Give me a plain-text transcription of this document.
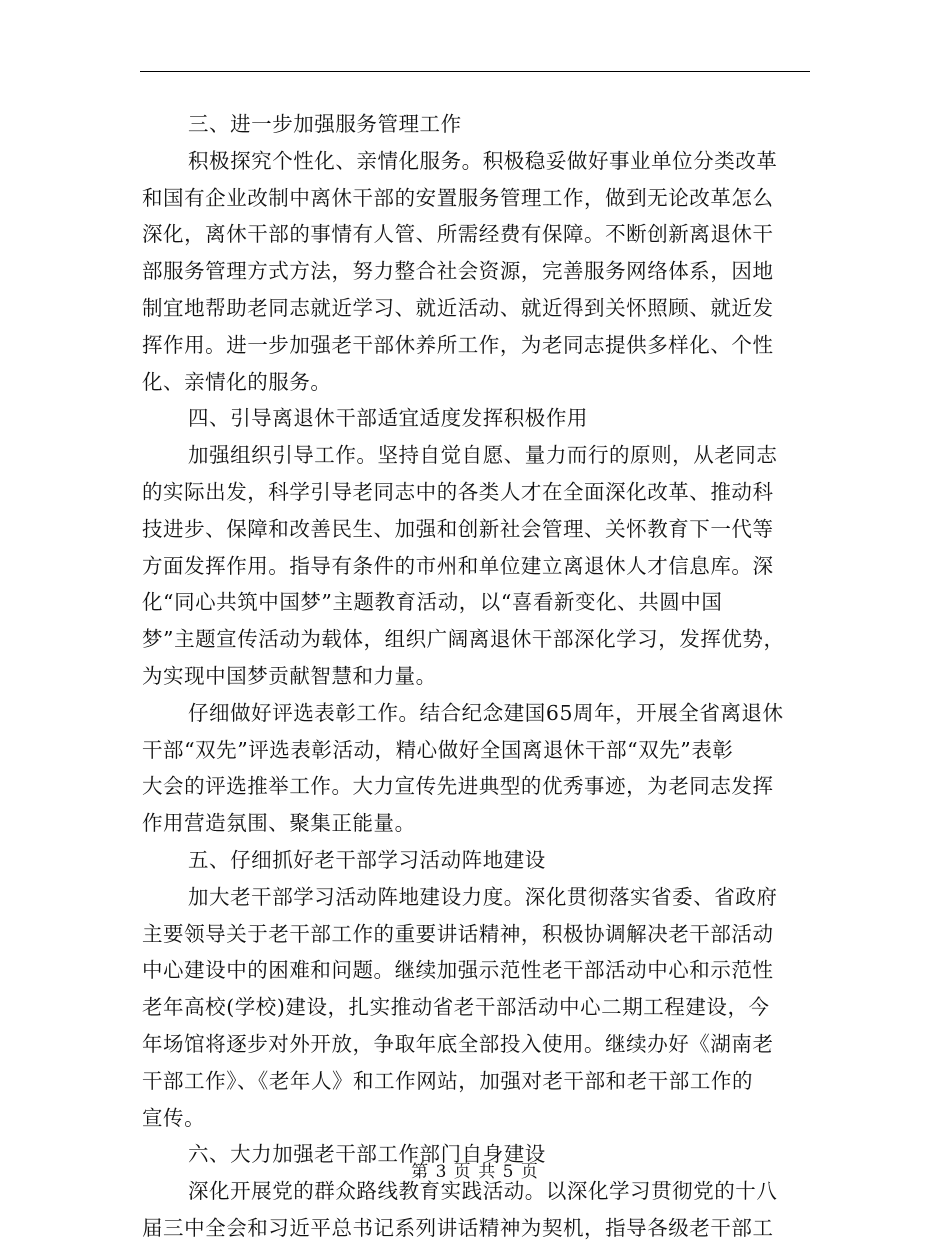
三、进一步加强服务管理工作
积极探究个性化、亲情化服务。积极稳妥做好事业单位分类改革
和国有企业改制中离休干部的安置服务管理工作，做到无论改革怎么
深化，离休干部的事情有人管、所需经费有保障。不断创新离退休干
部服务管理方式方法，努力整合社会资源，完善服务网络体系，因地
制宜地帮助老同志就近学习、就近活动、就近得到关怀照顾、就近发
挥作用。进一步加强老干部休养所工作，为老同志提供多样化、个性
化、亲情化的服务。
四、引导离退休干部适宜适度发挥积极作用
加强组织引导工作。坚持自觉自愿、量力而行的原则，从老同志
的实际出发，科学引导老同志中的各类人才在全面深化改革、推动科
技进步、保障和改善民生、加强和创新社会管理、关怀教育下一代等
方面发挥作用。指导有条件的市州和单位建立离退休人才信息库。深
化“同心共筑中国梦”主题教育活动，以“喜看新变化、共圆中国
梦”主题宣传活动为载体，组织广阔离退休干部深化学习，发挥优势，
为实现中国梦贡献智慧和力量。
仔细做好评选表彰工作。结合纪念建国65周年，开展全省离退休
干部“双先”评选表彰活动，精心做好全国离退休干部“双先”表彰
大会的评选推举工作。大力宣传先进典型的优秀事迹，为老同志发挥
作用营造氛围、聚集正能量。
五、仔细抓好老干部学习活动阵地建设
加大老干部学习活动阵地建设力度。深化贯彻落实省委、省政府
主要领导关于老干部工作的重要讲话精神，积极协调解决老干部活动
中心建设中的困难和问题。继续加强示范性老干部活动中心和示范性
老年高校(学校)建设，扎实推动省老干部活动中心二期工程建设，今
年场馆将逐步对外开放，争取年底全部投入使用。继续办好《湖南老
干部工作》、《老年人》和工作网站，加强对老干部和老干部工作的
宣传。
六、大力加强老干部工作部门自身建设
深化开展党的群众路线教育实践活动。以深化学习贯彻党的十八
届三中全会和习近平总书记系列讲话精神为契机，指导各级老干部工
第 3 页 共 5 页
